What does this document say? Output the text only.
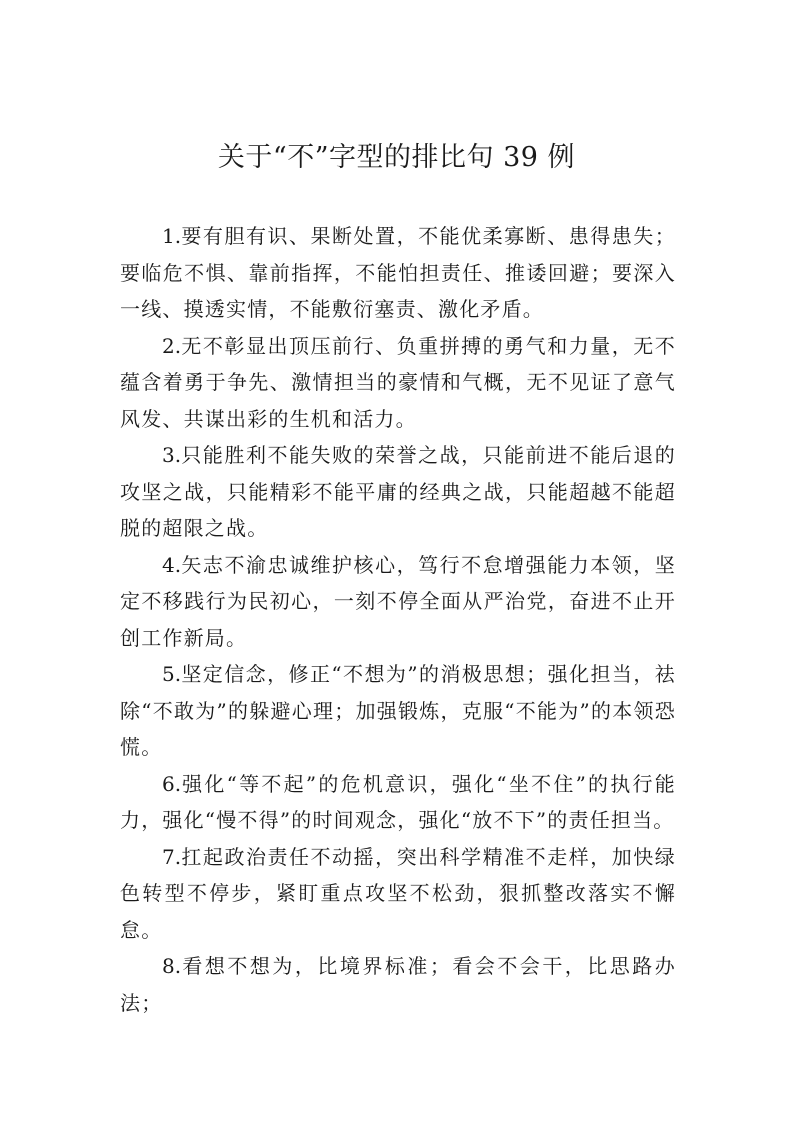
关于“不”字型的排比句 39 例

1.要有胆有识、果断处置，不能优柔寡断、患得患失；要临危不惧、靠前指挥，不能怕担责任、推诿回避；要深入一线、摸透实情，不能敷衍塞责、激化矛盾。

2.无不彰显出顶压前行、负重拼搏的勇气和力量，无不蕴含着勇于争先、激情担当的豪情和气概，无不见证了意气风发、共谋出彩的生机和活力。

3.只能胜利不能失败的荣誉之战，只能前进不能后退的攻坚之战，只能精彩不能平庸的经典之战，只能超越不能超脱的超限之战。

4.矢志不渝忠诚维护核心，笃行不怠增强能力本领，坚定不移践行为民初心，一刻不停全面从严治党，奋进不止开创工作新局。

5.坚定信念，修正“不想为”的消极思想；强化担当，祛除“不敢为”的躲避心理；加强锻炼，克服“不能为”的本领恐慌。

6.强化“等不起”的危机意识，强化“坐不住”的执行能力，强化“慢不得”的时间观念，强化“放不下”的责任担当。

7.扛起政治责任不动摇，突出科学精准不走样，加快绿色转型不停步，紧盯重点攻坚不松劲，狠抓整改落实不懈怠。

8.看想不想为，比境界标准；看会不会干，比思路办法；
